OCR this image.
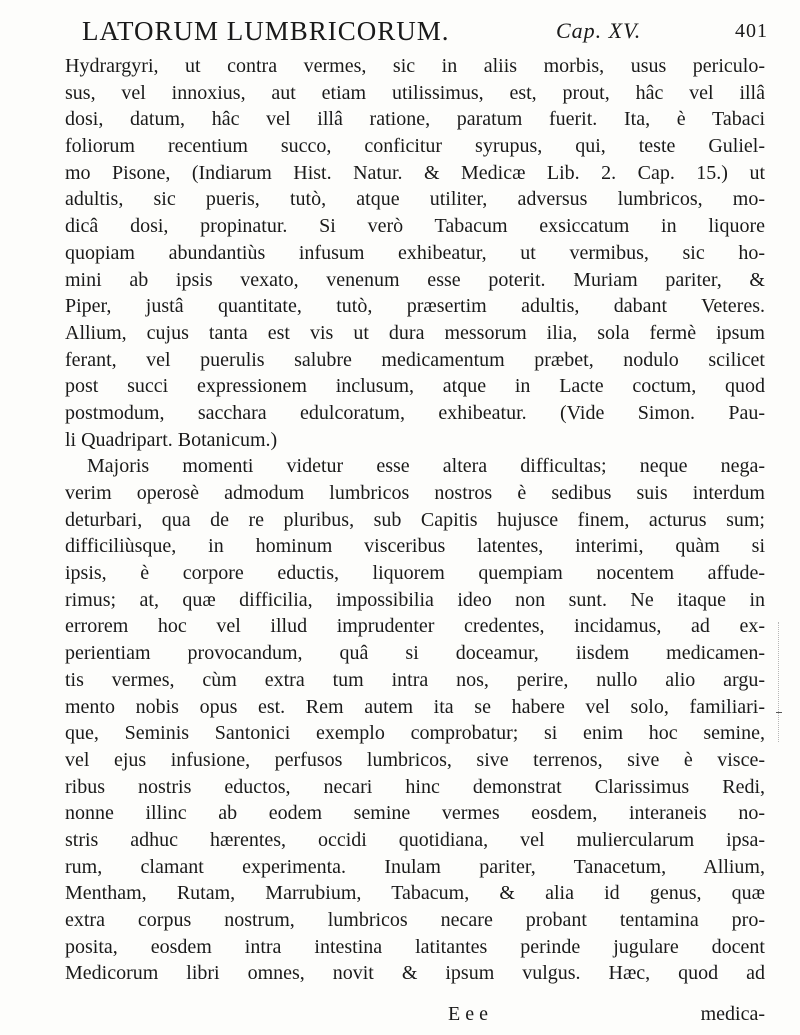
LATORUM LUMBRICORUM.	Cap. XV.	401
Hydrargyri, ut contra vermes, sic in aliis morbis, usus periculo-
sus, vel innoxius, aut etiam utilissimus, est, prout, hâc vel illâ
dosi, datum, hâc vel illâ ratione, paratum fuerit. Ita, è Tabaci
foliorum recentium succo, conficitur syrupus, qui, teste Guliel-
mo Pisone, (Indiarum Hist. Natur. & Medicæ Lib. 2. Cap. 15.) ut
adultis, sic pueris, tutò, atque utiliter, adversus lumbricos, mo-
dicâ dosi, propinatur. Si verò Tabacum exsiccatum in liquore
quopiam abundantiùs infusum exhibeatur, ut vermibus, sic ho-
mini ab ipsis vexato, venenum esse poterit. Muriam pariter, &
Piper, justâ quantitate, tutò, præsertim adultis, dabant Veteres.
Allium, cujus tanta est vis ut dura messorum ilia, sola fermè ipsum
ferant, vel puerulis salubre medicamentum præbet, nodulo scilicet
post succi expressionem inclusum, atque in Lacte coctum, quod
postmodum, sacchara edulcoratum, exhibeatur. (Vide Simon. Pau-
li Quadripart. Botanicum.)
Majoris momenti videtur esse altera difficultas; neque nega-
verim operosè admodum lumbricos nostros è sedibus suis interdum
deturbari, qua de re pluribus, sub Capitis hujusce finem, acturus sum;
difficiliùsque, in hominum visceribus latentes, interimi, quàm si
ipsis, è corpore eductis, liquorem quempiam nocentem affude-
rimus; at, quæ difficilia, impossibilia ideo non sunt. Ne itaque in
errorem hoc vel illud imprudenter credentes, incidamus, ad ex-
perientiam provocandum, quâ si doceamur, iisdem medicamen-
tis vermes, cùm extra tum intra nos, perire, nullo alio argu-
mento nobis opus est. Rem autem ita se habere vel solo, familiari-
que, Seminis Santonici exemplo comprobatur; si enim hoc semine,
vel ejus infusione, perfusos lumbricos, sive terrenos, sive è visce-
ribus nostris eductos, necari hinc demonstrat Clarissimus Redi,
nonne illinc ab eodem semine vermes eosdem, interaneis no-
stris adhuc hærentes, occidi quotidiana, vel muliercularum ipsa-
rum, clamant experimenta. Inulam pariter, Tanacetum, Allium,
Mentham, Rutam, Marrubium, Tabacum, & alia id genus, quæ
extra corpus nostrum, lumbricos necare probant tentamina pro-
posita, eosdem intra intestina latitantes perinde jugulare docent
Medicorum libri omnes, novit & ipsum vulgus. Hæc, quod ad
E e e	medica-
